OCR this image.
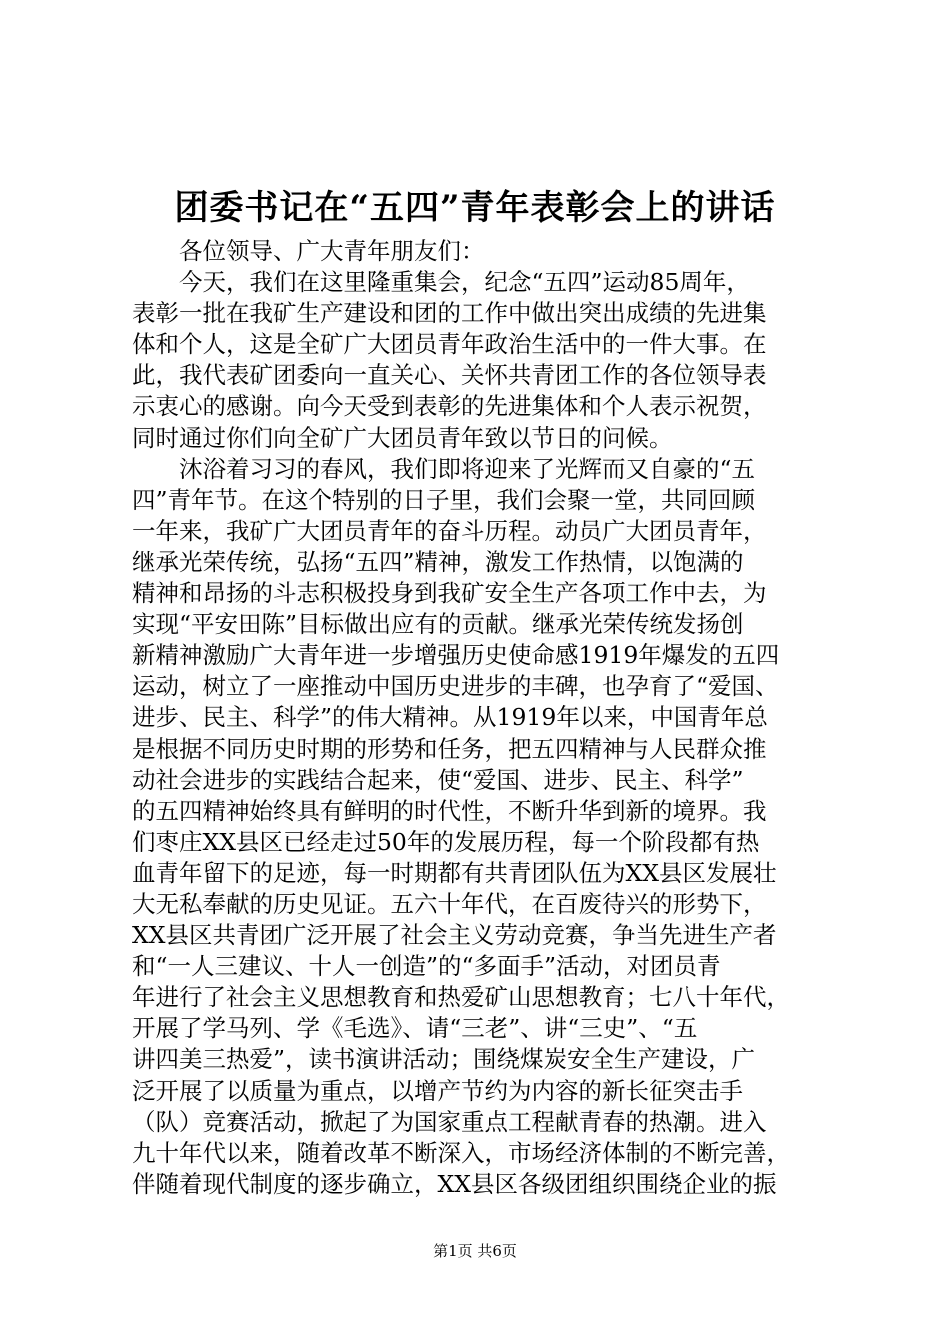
团委书记在“五四”青年表彰会上的讲话
　　各位领导、广大青年朋友们：
　　今天，我们在这里隆重集会，纪念“五四”运动85周年，
表彰一批在我矿生产建设和团的工作中做出突出成绩的先进集
体和个人，这是全矿广大团员青年政治生活中的一件大事。在
此，我代表矿团委向一直关心、关怀共青团工作的各位领导表
示衷心的感谢。向今天受到表彰的先进集体和个人表示祝贺，
同时通过你们向全矿广大团员青年致以节日的问候。
　　沐浴着习习的春风，我们即将迎来了光辉而又自豪的“五
四”青年节。在这个特别的日子里，我们会聚一堂，共同回顾
一年来，我矿广大团员青年的奋斗历程。动员广大团员青年，
继承光荣传统，弘扬“五四”精神，激发工作热情，以饱满的
精神和昂扬的斗志积极投身到我矿安全生产各项工作中去，为
实现“平安田陈”目标做出应有的贡献。继承光荣传统发扬创
新精神激励广大青年进一步增强历史使命感1919年爆发的五四
运动，树立了一座推动中国历史进步的丰碑，也孕育了“爱国、
进步、民主、科学”的伟大精神。从1919年以来，中国青年总
是根据不同历史时期的形势和任务，把五四精神与人民群众推
动社会进步的实践结合起来，使“爱国、进步、民主、科学”
的五四精神始终具有鲜明的时代性，不断升华到新的境界。我
们枣庄XX县区已经走过50年的发展历程，每一个阶段都有热
血青年留下的足迹，每一时期都有共青团队伍为XX县区发展壮
大无私奉献的历史见证。五六十年代，在百废待兴的形势下，
XX县区共青团广泛开展了社会主义劳动竞赛，争当先进生产者
和“一人三建议、十人一创造”的“多面手”活动，对团员青
年进行了社会主义思想教育和热爱矿山思想教育；七八十年代，
开展了学马列、学《毛选》、请“三老”、讲“三史”、“五
讲四美三热爱”，读书演讲活动；围绕煤炭安全生产建设，广
泛开展了以质量为重点，以增产节约为内容的新长征突击手
（队）竞赛活动，掀起了为国家重点工程献青春的热潮。进入
九十年代以来，随着改革不断深入，市场经济体制的不断完善，
伴随着现代制度的逐步确立，XX县区各级团组织围绕企业的振
第1页 共6页
